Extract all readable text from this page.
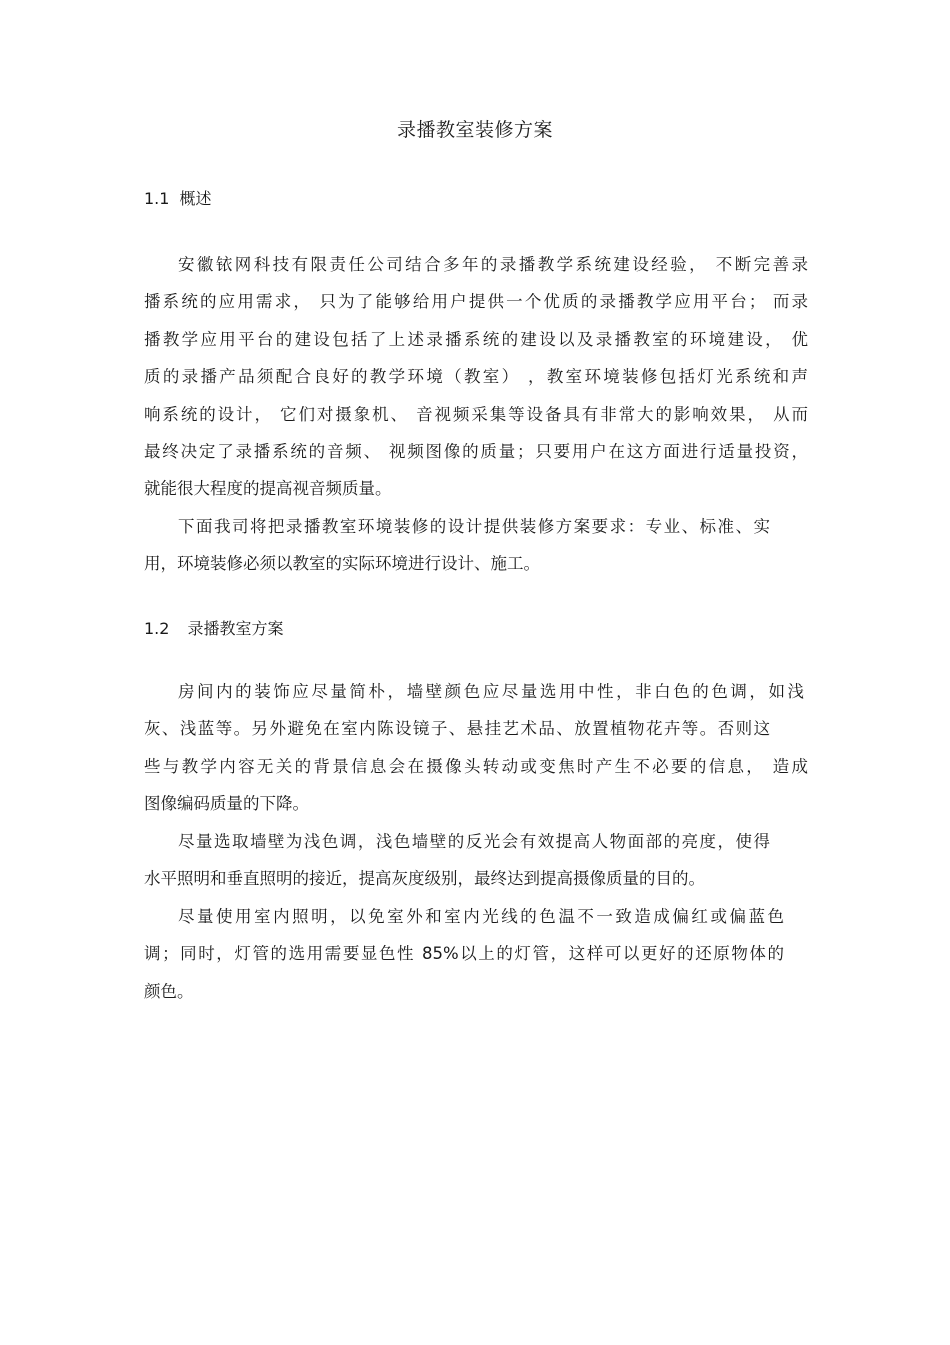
录播教室装修方案
1.1 概述
安徽铱网科技有限责任公司结合多年的录播教学系统建设经验， 不断完善录
播系统的应用需求， 只为了能够给用户提供一个优质的录播教学应用平台； 而录
播教学应用平台的建设包括了上述录播系统的建设以及录播教室的环境建设， 优
质的录播产品须配合良好的教学环境（教室） ，教室环境装修包括灯光系统和声
响系统的设计， 它们对摄象机、 音视频采集等设备具有非常大的影响效果， 从而
最终决定了录播系统的音频、 视频图像的质量；只要用户在这方面进行适量投资，
就能很大程度的提高视音频质量。
下面我司将把录播教室环境装修的设计提供装修方案要求：专业、标准、实
用，环境装修必须以教室的实际环境进行设计、施工。
1.2 录播教室方案
房间内的装饰应尽量简朴，墙壁颜色应尽量选用中性，非白色的色调，如浅
灰、浅蓝等。另外避免在室内陈设镜子、悬挂艺术品、放置植物花卉等。否则这
些与教学内容无关的背景信息会在摄像头转动或变焦时产生不必要的信息， 造成
图像编码质量的下降。
尽量选取墙壁为浅色调，浅色墙壁的反光会有效提高人物面部的亮度，使得
水平照明和垂直照明的接近，提高灰度级别，最终达到提高摄像质量的目的。
尽量使用室内照明，以免室外和室内光线的色温不一致造成偏红或偏蓝色
调；同时，灯管的选用需要显色性 85%以上的灯管，这样可以更好的还原物体的
颜色。
